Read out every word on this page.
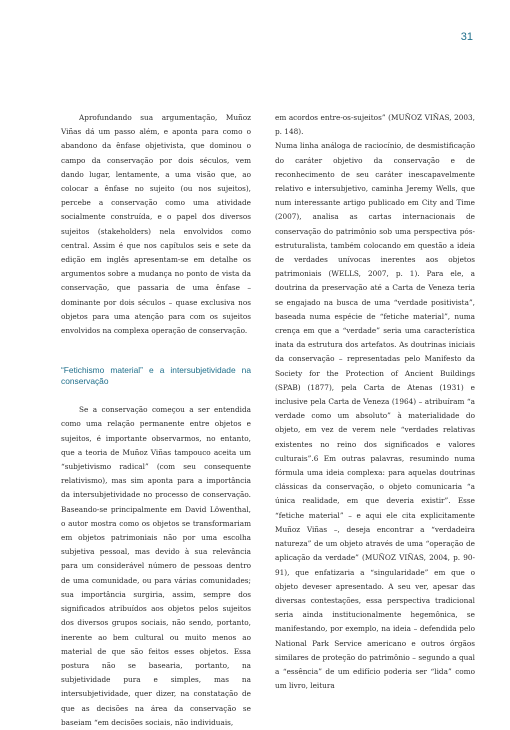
31

Aprofundando sua argumentação, Muñoz Viñas dá um passo além, e aponta para como o abandono da ênfase objetivista, que dominou o campo da conservação por dois séculos, vem dando lugar, lentamente, a uma visão que, ao colocar a ênfase no sujeito (ou nos sujeitos), percebe a conservação como uma atividade socialmente construída, e o papel dos diversos sujeitos (stakeholders) nela envolvidos como central. Assim é que nos capítulos seis e sete da edição em inglês apresentam-se em detalhe os argumentos sobre a mudança no ponto de vista da conservação, que passaria de uma ênfase – dominante por dois séculos – quase exclusiva nos objetos para uma atenção para com os sujeitos envolvidos na complexa operação de conservação.

“Fetichismo material” e a intersubjetividade na conservação

Se a conservação começou a ser entendida como uma relação permanente entre objetos e sujeitos, é importante observarmos, no entanto, que a teoria de Muñoz Viñas tampouco aceita um “subjetivismo radical” (com seu consequente relativismo), mas sim aponta para a importância da intersubjetividade no processo de conservação. Baseando-se principalmente em David Löwenthal, o autor mostra como os objetos se transformariam em objetos patrimoniais não por uma escolha subjetiva pessoal, mas devido à sua relevância para um considerável número de pessoas dentro de uma comunidade, ou para várias comunidades; sua importância surgiria, assim, sempre dos significados atribuídos aos objetos pelos sujeitos dos diversos grupos sociais, não sendo, portanto, inerente ao bem cultural ou muito menos ao material de que são feitos esses objetos. Essa postura não se basearia, portanto, na subjetividade pura e simples, mas na intersubjetividade, quer dizer, na constatação de que as decisões na área da conservação se baseiam “em decisões sociais, não individuais,

em acordos entre-os-sujeitos” (MUÑOZ VIÑAS, 2003, p. 148).

Numa linha análoga de raciocínio, de desmistificação do caráter objetivo da conservação e de reconhecimento de seu caráter inescapavelmente relativo e intersubjetivo, caminha Jeremy Wells, que num interessante artigo publicado em City and Time (2007), analisa as cartas internacionais de conservação do patrimônio sob uma perspectiva pós-estruturalista, também colocando em questão a ideia de verdades unívocas inerentes aos objetos patrimoniais (WELLS, 2007, p. 1). Para ele, a doutrina da preservação até a Carta de Veneza teria se engajado na busca de uma “verdade positivista”, baseada numa espécie de “fetiche material”, numa crença em que a “verdade” seria uma característica inata da estrutura dos artefatos. As doutrinas iniciais da conservação – representadas pelo Manifesto da Society for the Protection of Ancient Buildings (SPAB) (1877), pela Carta de Atenas (1931) e inclusive pela Carta de Veneza (1964) – atribuíram “a verdade como um absoluto” à materialidade do objeto, em vez de verem nele “verdades relativas existentes no reino dos significados e valores culturais”.6 Em outras palavras, resumindo numa fórmula uma ideia complexa: para aquelas doutrinas clássicas da conservação, o objeto comunicaria “a única realidade, em que deveria existir”. Esse “fetiche material” – e aqui ele cita explicitamente Muñoz Viñas –, deseja encontrar a “verdadeira natureza” de um objeto através de uma “operação de aplicação da verdade” (MUÑOZ VIÑAS, 2004, p. 90-91), que enfatizaria a “singularidade” em que o objeto deveser apresentado. A seu ver, apesar das diversas contestações, essa perspectiva tradicional seria ainda institucionalmente hegemônica, se manifestando, por exemplo, na ideia – defendida pelo National Park Service americano e outros órgãos similares de proteção do patrimônio – segundo a qual a “essência” de um edifício poderia ser “lida” como um livro, leitura
